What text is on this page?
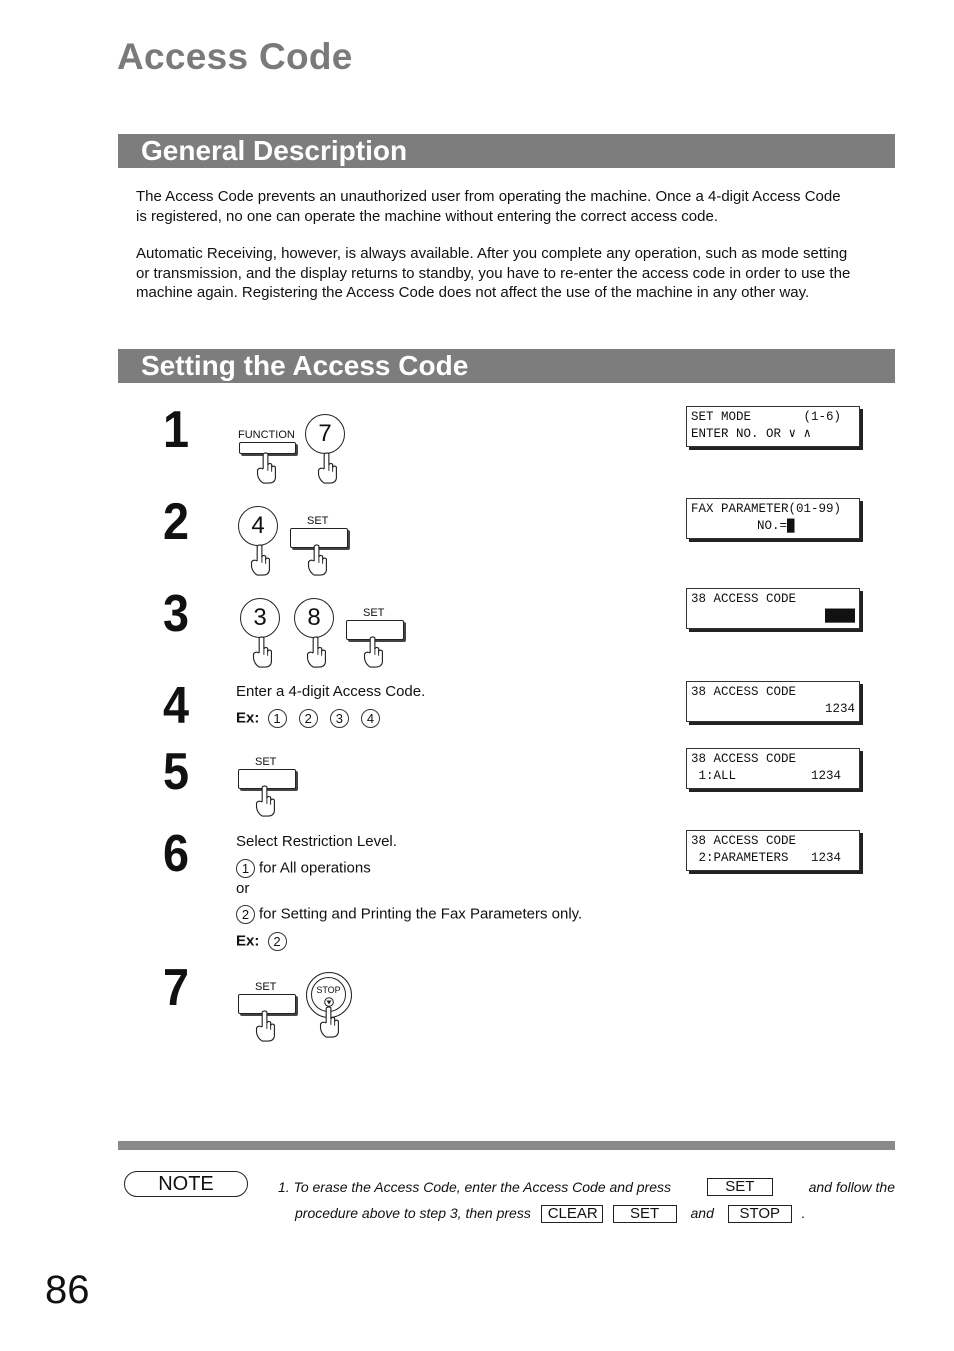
Access Code
General Description
The Access Code prevents an unauthorized user from operating the machine. Once a 4-digit Access Code
is registered, no one can operate the machine without entering the correct access code.
Automatic Receiving, however, is always available. After you complete any operation, such as mode setting
or transmission, and the display returns to standby, you have to re-enter the access code in order to use the
machine again. Registering the Access Code does not affect the use of the machine in any other way.
Setting the Access Code
1
2
3
4
5
6
7
FUNCTION 7
4	SET
3	8	SET
Enter a 4-digit Access Code.
Ex: 1 2 3 4
SET
Select Restriction Level.
1 for All operations
or
2 for Setting and Printing the Fax Parameters only.
Ex: 2
SET	STOP
SET MODE       (1-6)
ENTER NO. OR ∨ ∧
FAX PARAMETER(01-99)
NO.=█
38 ACCESS CODE
████
38 ACCESS CODE
1234
38 ACCESS CODE
1:ALL          1234
38 ACCESS CODE
2:PARAMETERS   1234
NOTE	1. To erase the Access Code, enter the Access Code and press	SET	and follow the
procedure above to step 3, then press CLEAR SET and STOP .
86
